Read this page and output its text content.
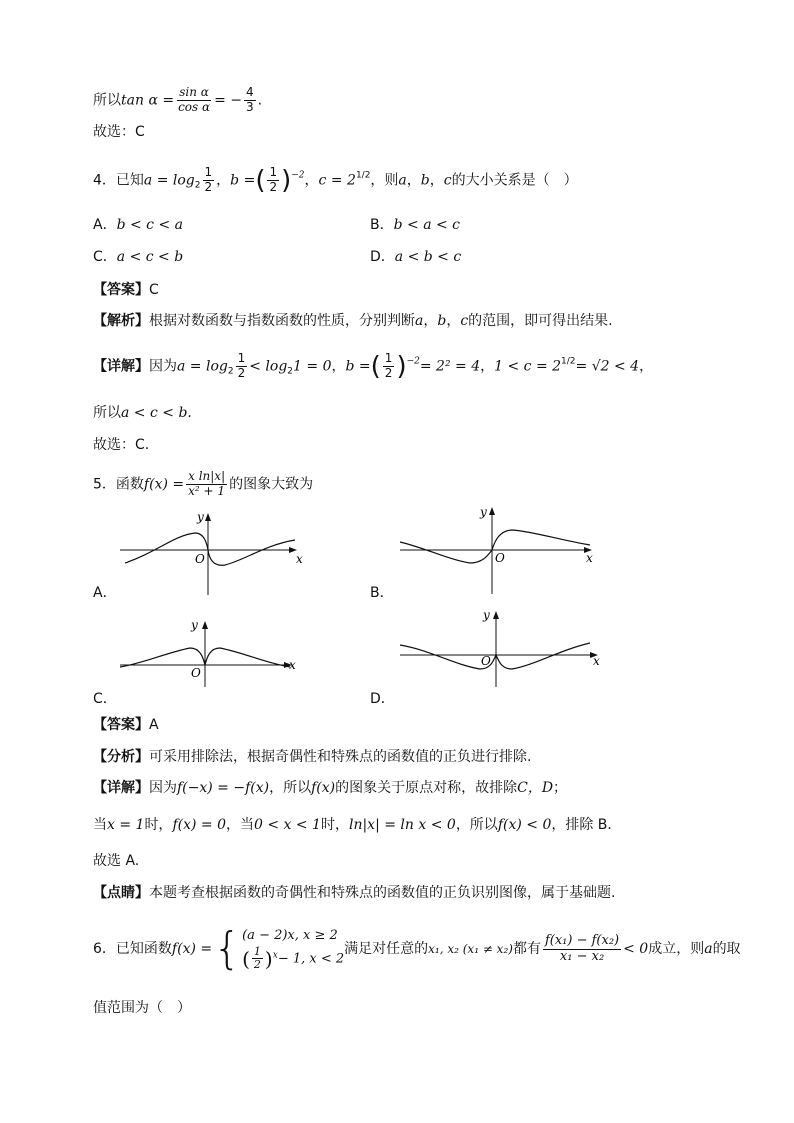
所以$\tan \alpha = \frac{\text{sin α}}{\text{cos α}}$ = − $\frac{4}{3}$ .
故选：C
4．已知$a = \log_2 \frac{1}{2}$ ，b =( $\frac{1}{2} )^{-2}$，$c = 2^{1/2}$，则a，b，c的大小关系是（　）
A．b < c < a	B．b < a < c
C．a < c < b	D．a < b < c
【答案】C
【解析】根据对数函数与指数函数的性质，分别判断a，b，c的范围，即可得出结果.
【详解】因为$a = \log_2 \frac{1}{2} < \log_21 = 0$，b =( $\frac{1}{2} )^{-2}= 2^2 = 4$，$1 < c = 2^{1/2}= √2 < 4$，
所以a < c < b.
故选：C.
5．函数$f(x) = \frac{\text{x ln|x|}}{\text{x² + 1}}$ 的图象大致为
y
x
O
A．
y
x
O
B．
y
x
O
C．
y
x
O
D．
【答案】A
【分析】可采用排除法，根据奇偶性和特殊点的函数值的正负进行排除.
【详解】因为f(−x) = −f(x)，所以f(x)的图象关于原点对称，故排除C，D；
当x = 1时，f(x) = 0，当0 < x < 1时，ln|x| = ln x < 0，所以f(x) < 0，排除 B．
故选 A.
【点睛】本题考查根据函数的奇偶性和特殊点的函数值的正负识别图像，属于基础题.
6．已知函数 f(x) = { (a − 2)x, x ≥ 2
( $\frac{1}{2} )^x- 1$, x < 2
满足对任意的 x₁, x₂ (x₁ ≠ x₂) 都有 $\frac{\text{f(x₁) − f(x₂)}}{\text{x₁ − x₂}} < 0$ 成立，则 a 的取
值范围为（　）
